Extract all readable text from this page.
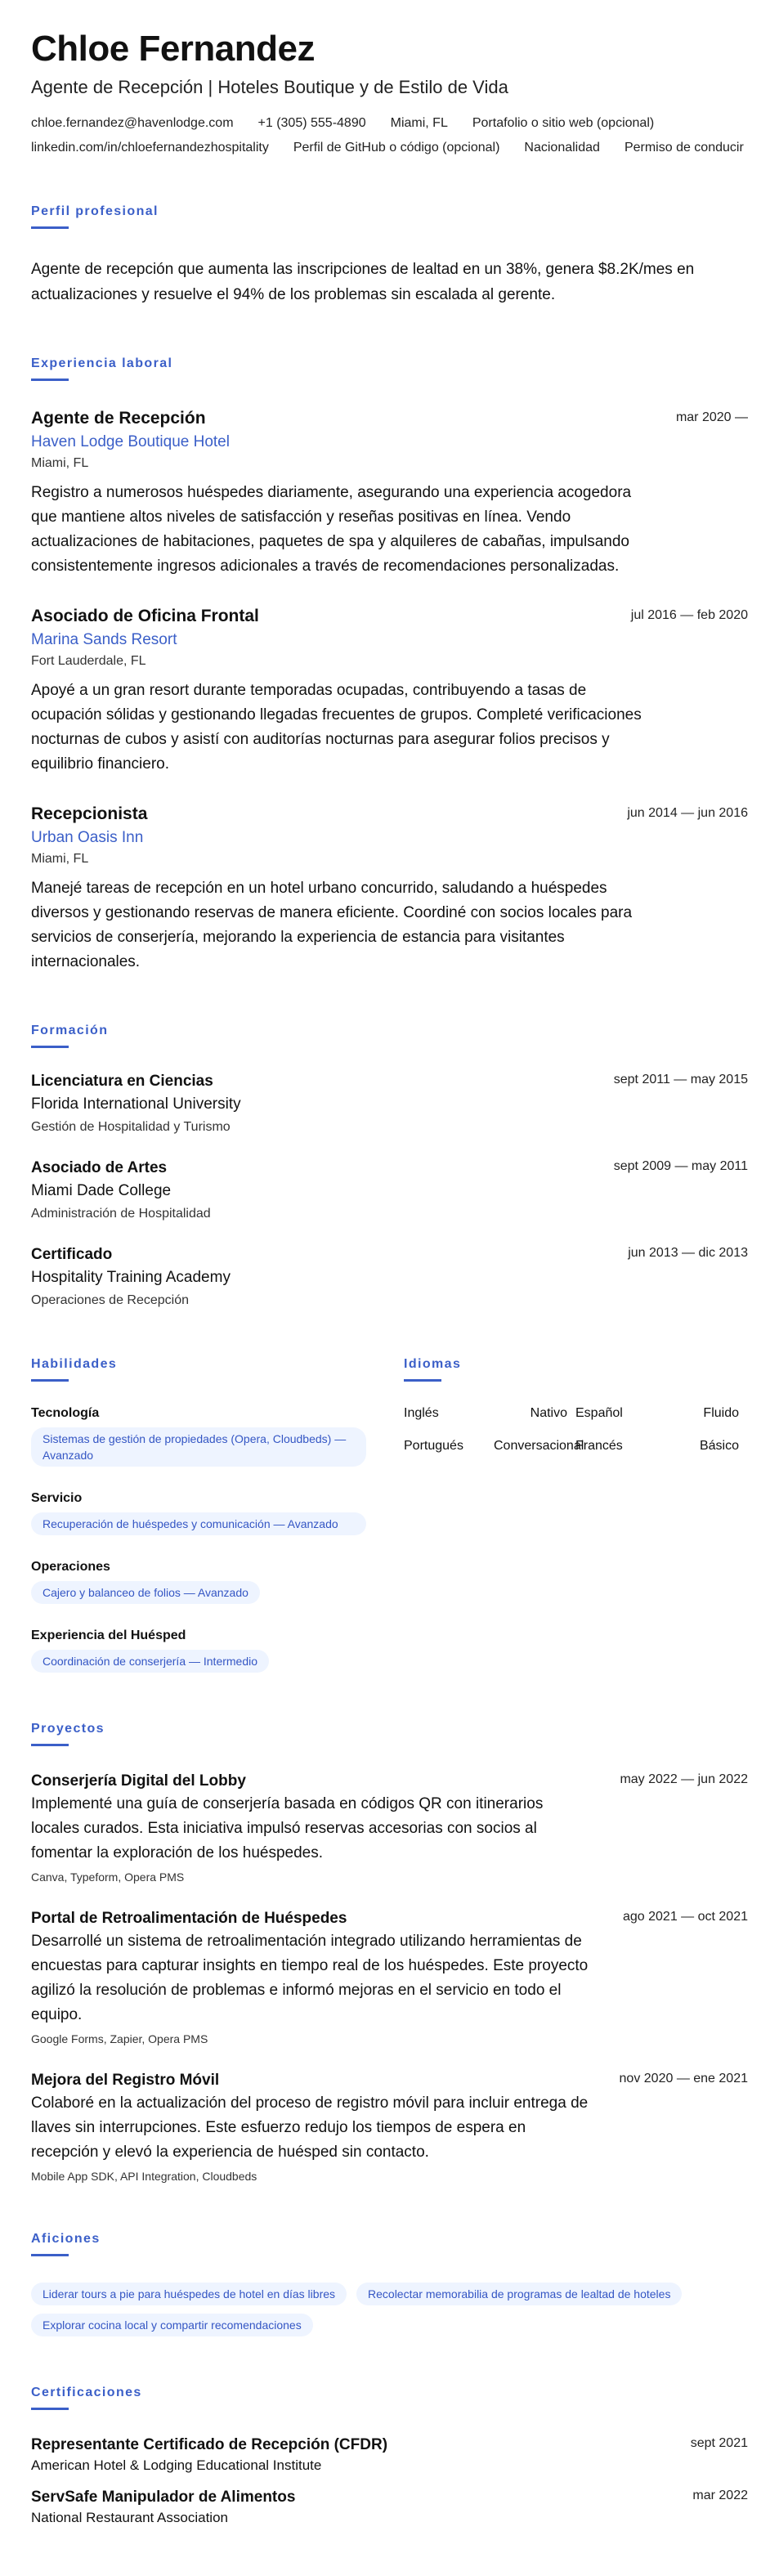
Chloe Fernandez
Agente de Recepción | Hoteles Boutique y de Estilo de Vida
chloe.fernandez@havenlodge.com +1 (305) 555-4890 Miami, FL Portafolio o sitio web (opcional)
linkedin.com/in/chloefernandezhospitality Perfil de GitHub o código (opcional) Nacionalidad Permiso de conducir
Perfil profesional
Agente de recepción que aumenta las inscripciones de lealtad en un 38%, genera $8.2K/mes en actualizaciones y resuelve el 94% de los problemas sin escalada al gerente.
Experiencia laboral
Agente de Recepción	mar 2020 —
Haven Lodge Boutique Hotel
Miami, FL
Registro a numerosos huéspedes diariamente, asegurando una experiencia acogedora que mantiene altos niveles de satisfacción y reseñas positivas en línea. Vendo actualizaciones de habitaciones, paquetes de spa y alquileres de cabañas, impulsando consistentemente ingresos adicionales a través de recomendaciones personalizadas.
Asociado de Oficina Frontal	jul 2016 — feb 2020
Marina Sands Resort
Fort Lauderdale, FL
Apoyé a un gran resort durante temporadas ocupadas, contribuyendo a tasas de ocupación sólidas y gestionando llegadas frecuentes de grupos. Completé verificaciones nocturnas de cubos y asistí con auditorías nocturnas para asegurar folios precisos y equilibrio financiero.
Recepcionista	jun 2014 — jun 2016
Urban Oasis Inn
Miami, FL
Manejé tareas de recepción en un hotel urbano concurrido, saludando a huéspedes diversos y gestionando reservas de manera eficiente. Coordiné con socios locales para servicios de conserjería, mejorando la experiencia de estancia para visitantes internacionales.
Formación
Licenciatura en Ciencias	sept 2011 — may 2015
Florida International University
Gestión de Hospitalidad y Turismo
Asociado de Artes	sept 2009 — may 2011
Miami Dade College
Administración de Hospitalidad
Certificado	jun 2013 — dic 2013
Hospitality Training Academy
Operaciones de Recepción
Habilidades
Tecnología
Sistemas de gestión de propiedades (Opera, Cloudbeds) — Avanzado
Servicio
Recuperación de huéspedes y comunicación — Avanzado
Operaciones
Cajero y balanceo de folios — Avanzado
Experiencia del Huésped
Coordinación de conserjería — Intermedio
Idiomas
Inglés	Nativo Español	Fluido
Portugués	Conversacional
Francés	Básico
Proyectos
Conserjería Digital del Lobby	may 2022 — jun 2022
Implementé una guía de conserjería basada en códigos QR con itinerarios locales curados. Esta iniciativa impulsó reservas accesorias con socios al fomentar la exploración de los huéspedes.
Canva, Typeform, Opera PMS
Portal de Retroalimentación de Huéspedes	ago 2021 — oct 2021
Desarrollé un sistema de retroalimentación integrado utilizando herramientas de encuestas para capturar insights en tiempo real de los huéspedes. Este proyecto agilizó la resolución de problemas e informó mejoras en el servicio en todo el equipo.
Google Forms, Zapier, Opera PMS
Mejora del Registro Móvil	nov 2020 — ene 2021
Colaboré en la actualización del proceso de registro móvil para incluir entrega de llaves sin interrupciones. Este esfuerzo redujo los tiempos de espera en recepción y elevó la experiencia de huésped sin contacto.
Mobile App SDK, API Integration, Cloudbeds
Aficiones
Liderar tours a pie para huéspedes de hotel en días libres	Recolectar memorabilia de programas de lealtad de hoteles
Explorar cocina local y compartir recomendaciones
Certificaciones
Representante Certificado de Recepción (CFDR)	sept 2021
American Hotel & Lodging Educational Institute
ServSafe Manipulador de Alimentos	mar 2022
National Restaurant Association
